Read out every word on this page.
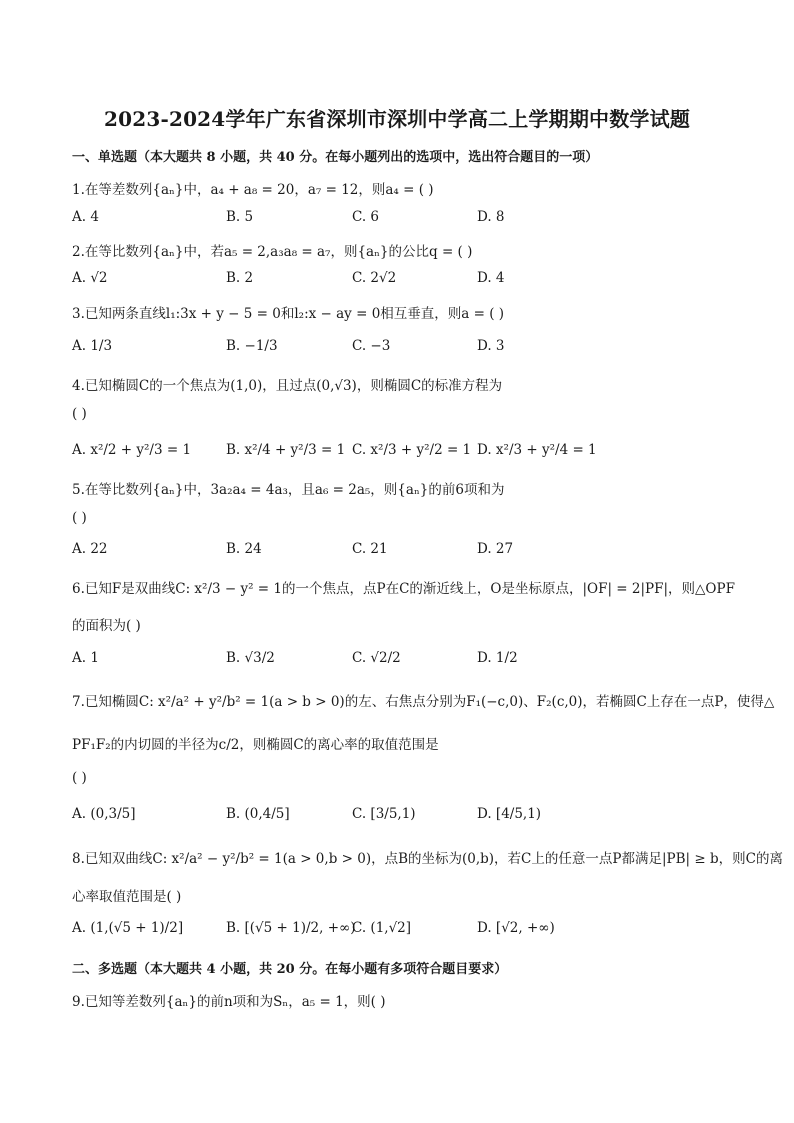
2023-2024学年广东省深圳市深圳中学高二上学期期中数学试题
一、单选题（本大题共 8 小题，共 40 分。在每小题列出的选项中，选出符合题目的一项）
1.在等差数列{aₙ}中，a₄ + a₈ = 20，a₇ = 12，则a₄ = ( )
A. 4	B. 5	C. 6	D. 8
2.在等比数列{aₙ}中，若a₅ = 2,a₃a₈ = a₇，则{aₙ}的公比q = ( )
A. √2	B. 2	C. 2√2	D. 4
3.已知两条直线l₁:3x + y − 5 = 0和l₂:x − ay = 0相互垂直，则a = ( )
A. 1/3	B. −1/3	C. −3	D. 3
4.已知椭圆C的一个焦点为(1,0)，且过点(0,√3)，则椭圆C的标准方程为
( )
A. x²/2 + y²/3 = 1	B. x²/4 + y²/3 = 1 C. x²/3 + y²/2 = 1 D. x²/3 + y²/4 = 1
5.在等比数列{aₙ}中，3a₂a₄ = 4a₃，且a₆ = 2a₅，则{aₙ}的前6项和为
( )
A. 22	B. 24	C. 21	D. 27
6.已知F是双曲线C: x²/3 − y² = 1的一个焦点，点P在C的渐近线上，O是坐标原点，|OF| = 2|PF|，则△OPF
的面积为( )
A. 1	B. √3/2	C. √2/2	D. 1/2
7.已知椭圆C: x²/a² + y²/b² = 1(a > b > 0)的左、右焦点分别为F₁(−c,0)、F₂(c,0)，若椭圆C上存在一点P，使得△
PF₁F₂的内切圆的半径为c/2，则椭圆C的离心率的取值范围是
( )
A. (0,3/5]	B. (0,4/5]	C. [3/5,1)	D. [4/5,1)
8.已知双曲线C: x²/a² − y²/b² = 1(a > 0,b > 0)，点B的坐标为(0,b)，若C上的任意一点P都满足|PB| ≥ b，则C的离
心率取值范围是( )
A. (1,(√5 + 1)/2]	B. [(√5 + 1)/2, +∞)
C. (1,√2]	D. [√2, +∞)
二、多选题（本大题共 4 小题，共 20 分。在每小题有多项符合题目要求）
9.已知等差数列{aₙ}的前n项和为Sₙ，a₅ = 1，则( )
